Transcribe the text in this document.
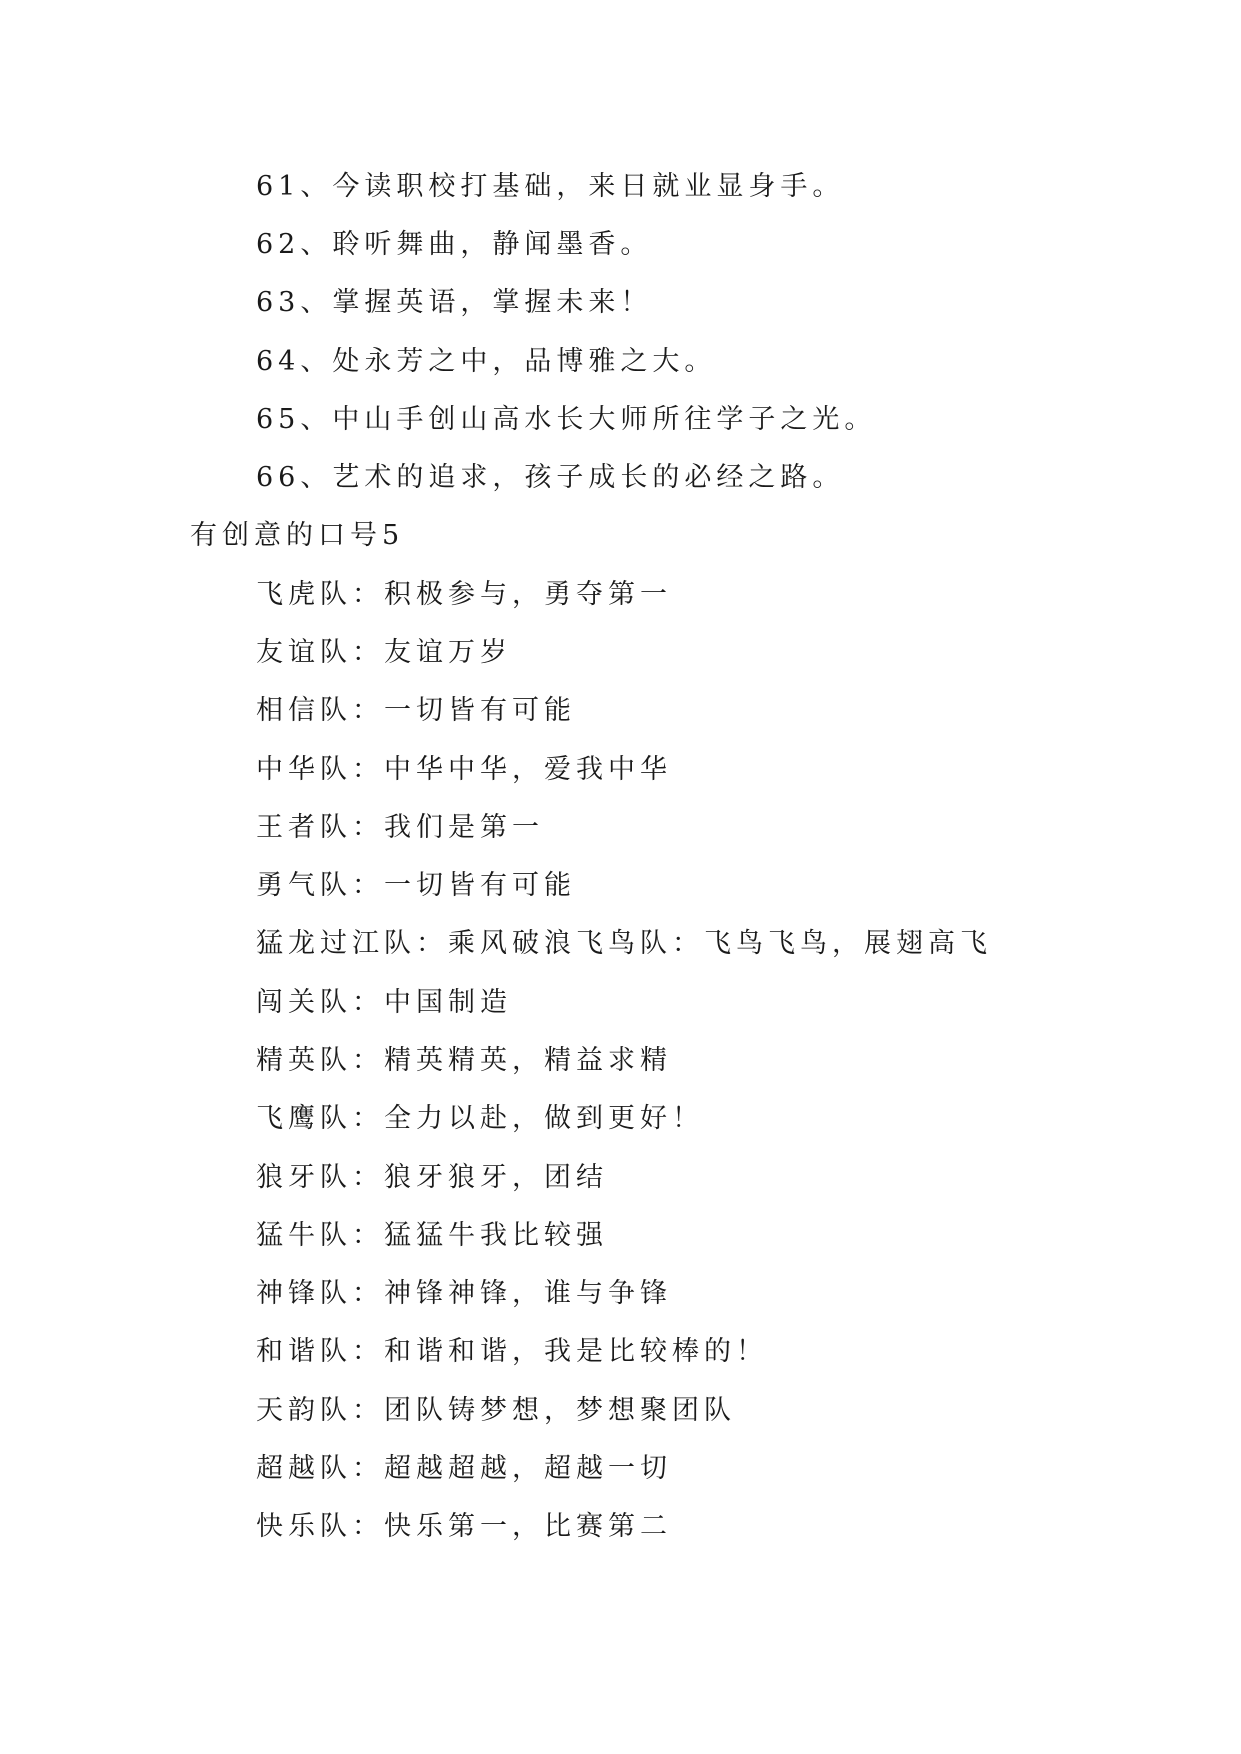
61、今读职校打基础，来日就业显身手。
62、聆听舞曲，静闻墨香。
63、掌握英语，掌握未来！
64、处永芳之中，品博雅之大。
65、中山手创山高水长大师所往学子之光。
66、艺术的追求，孩子成长的必经之路。
有创意的口号5
飞虎队：积极参与，勇夺第一
友谊队：友谊万岁
相信队：一切皆有可能
中华队：中华中华，爱我中华
王者队：我们是第一
勇气队：一切皆有可能
猛龙过江队：乘风破浪飞鸟队：飞鸟飞鸟，展翅高飞
闯关队：中国制造
精英队：精英精英，精益求精
飞鹰队：全力以赴，做到更好！
狼牙队：狼牙狼牙，团结
猛牛队：猛猛牛我比较强
神锋队：神锋神锋，谁与争锋
和谐队：和谐和谐，我是比较棒的！
天韵队：团队铸梦想，梦想聚团队
超越队：超越超越，超越一切
快乐队：快乐第一，比赛第二
